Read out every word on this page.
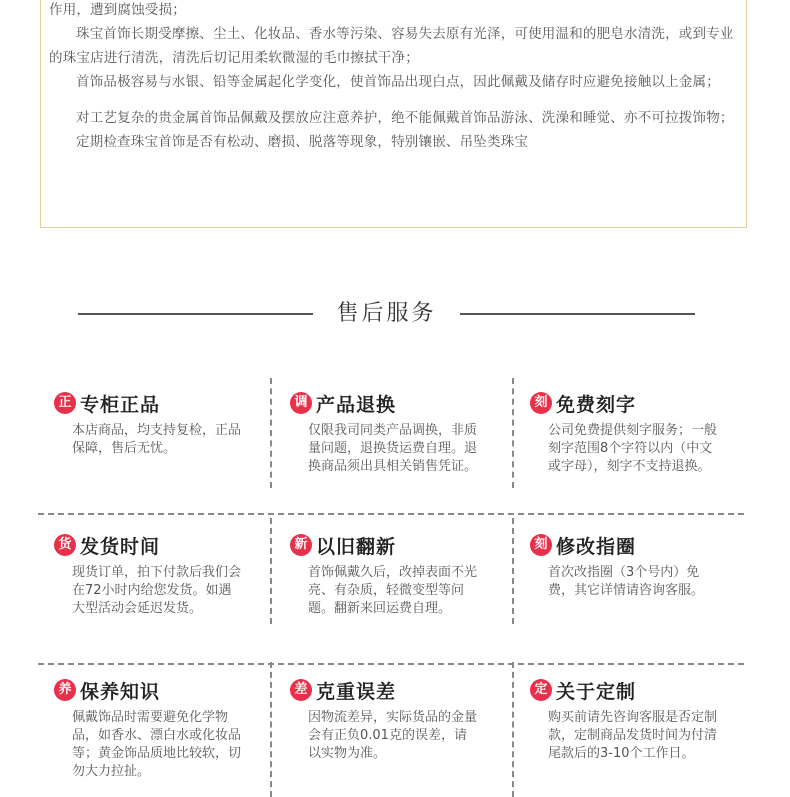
作用，遭到腐蚀受损；

珠宝首饰长期受摩擦、尘土、化妆品、香水等污染、容易失去原有光泽，可使用温和的肥皂水清洗，或到专业的珠宝店进行清洗，清洗后切记用柔软微湿的毛巾擦拭干净；

首饰品极容易与水银、铅等金属起化学变化，使首饰品出现白点，因此佩戴及储存时应避免接触以上金属；

对工艺复杂的贵金属首饰品佩戴及摆放应注意养护，绝不能佩戴首饰品游泳、洗澡和睡觉、亦不可拉拨饰物；

定期检查珠宝首饰是否有松动、磨损、脱落等现象，特别镶嵌、吊坠类珠宝

售后服务
正 专柜正品
本店商品，均支持复检，正品保障，售后无忧。
调 产品退换
仅限我司同类产品调换，非质量问题，退换货运费自理。退换商品须出具相关销售凭证。
刻 免费刻字
公司免费提供刻字服务；一般刻字范围8个字符以内（中文或字母），刻字不支持退换。
货 发货时间
现货订单，拍下付款后我们会在72小时内给您发货。如遇大型活动会延迟发货。
新 以旧翻新
首饰佩戴久后，改掉表面不光亮、有杂质，轻微变型等问题。翻新来回运费自理。
刻 修改指圈
首次改指圈（3个号内）免费，其它详情请咨询客服。
养 保养知识
佩戴饰品时需要避免化学物品，如香水、漂白水或化妆品等；黄金饰品质地比较软，切勿大力拉扯。
差 克重误差
因物流差异，实际货品的金量会有正负0.01克的误差，请以实物为准。
定 关于定制
购买前请先咨询客服是否定制款，定制商品发货时间为付清尾款后的3-10个工作日。
